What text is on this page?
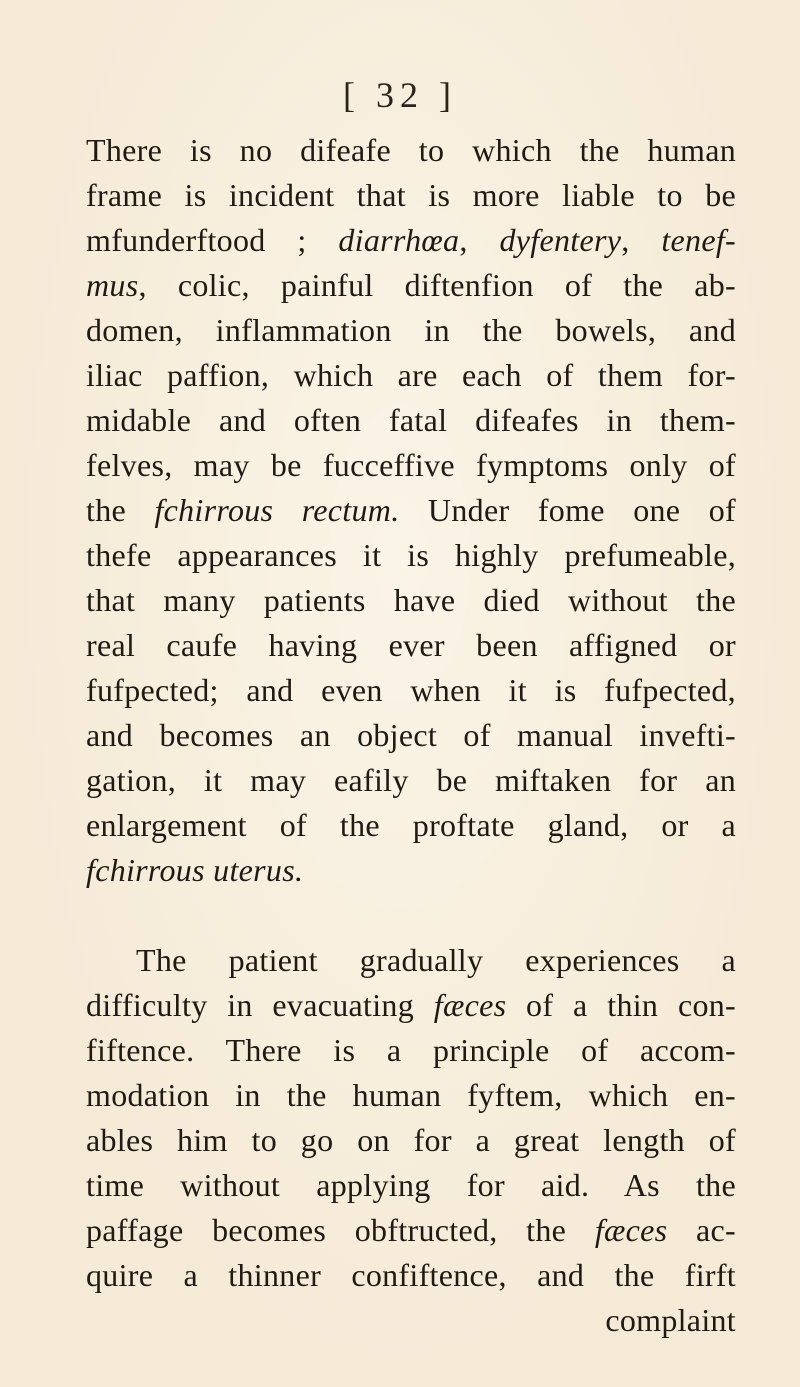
[ 32 ]
There is no difeafe to which the human
frame is incident that is more liable to be
mfunderftood ; diarrhœa, dyfentery, tenef-
mus, colic, painful diftenfion of the ab-
domen, inflammation in the bowels, and
iliac paffion, which are each of them for-
midable and often fatal difeafes in them-
felves, may be fucceffive fymptoms only of
the fchirrous rectum. Under fome one of
thefe appearances it is highly prefumeable,
that many patients have died without the
real caufe having ever been affigned or
fufpected; and even when it is fufpected,
and becomes an object of manual invefti-
gation, it may eafily be miftaken for an
enlargement of the proftate gland, or a
fchirrous uterus.
The patient gradually experiences a
difficulty in evacuating fæces of a thin con-
fiftence. There is a principle of accom-
modation in the human fyftem, which en-
ables him to go on for a great length of
time without applying for aid. As the
paffage becomes obftructed, the fæces ac-
quire a thinner confiftence, and the firft
complaint
